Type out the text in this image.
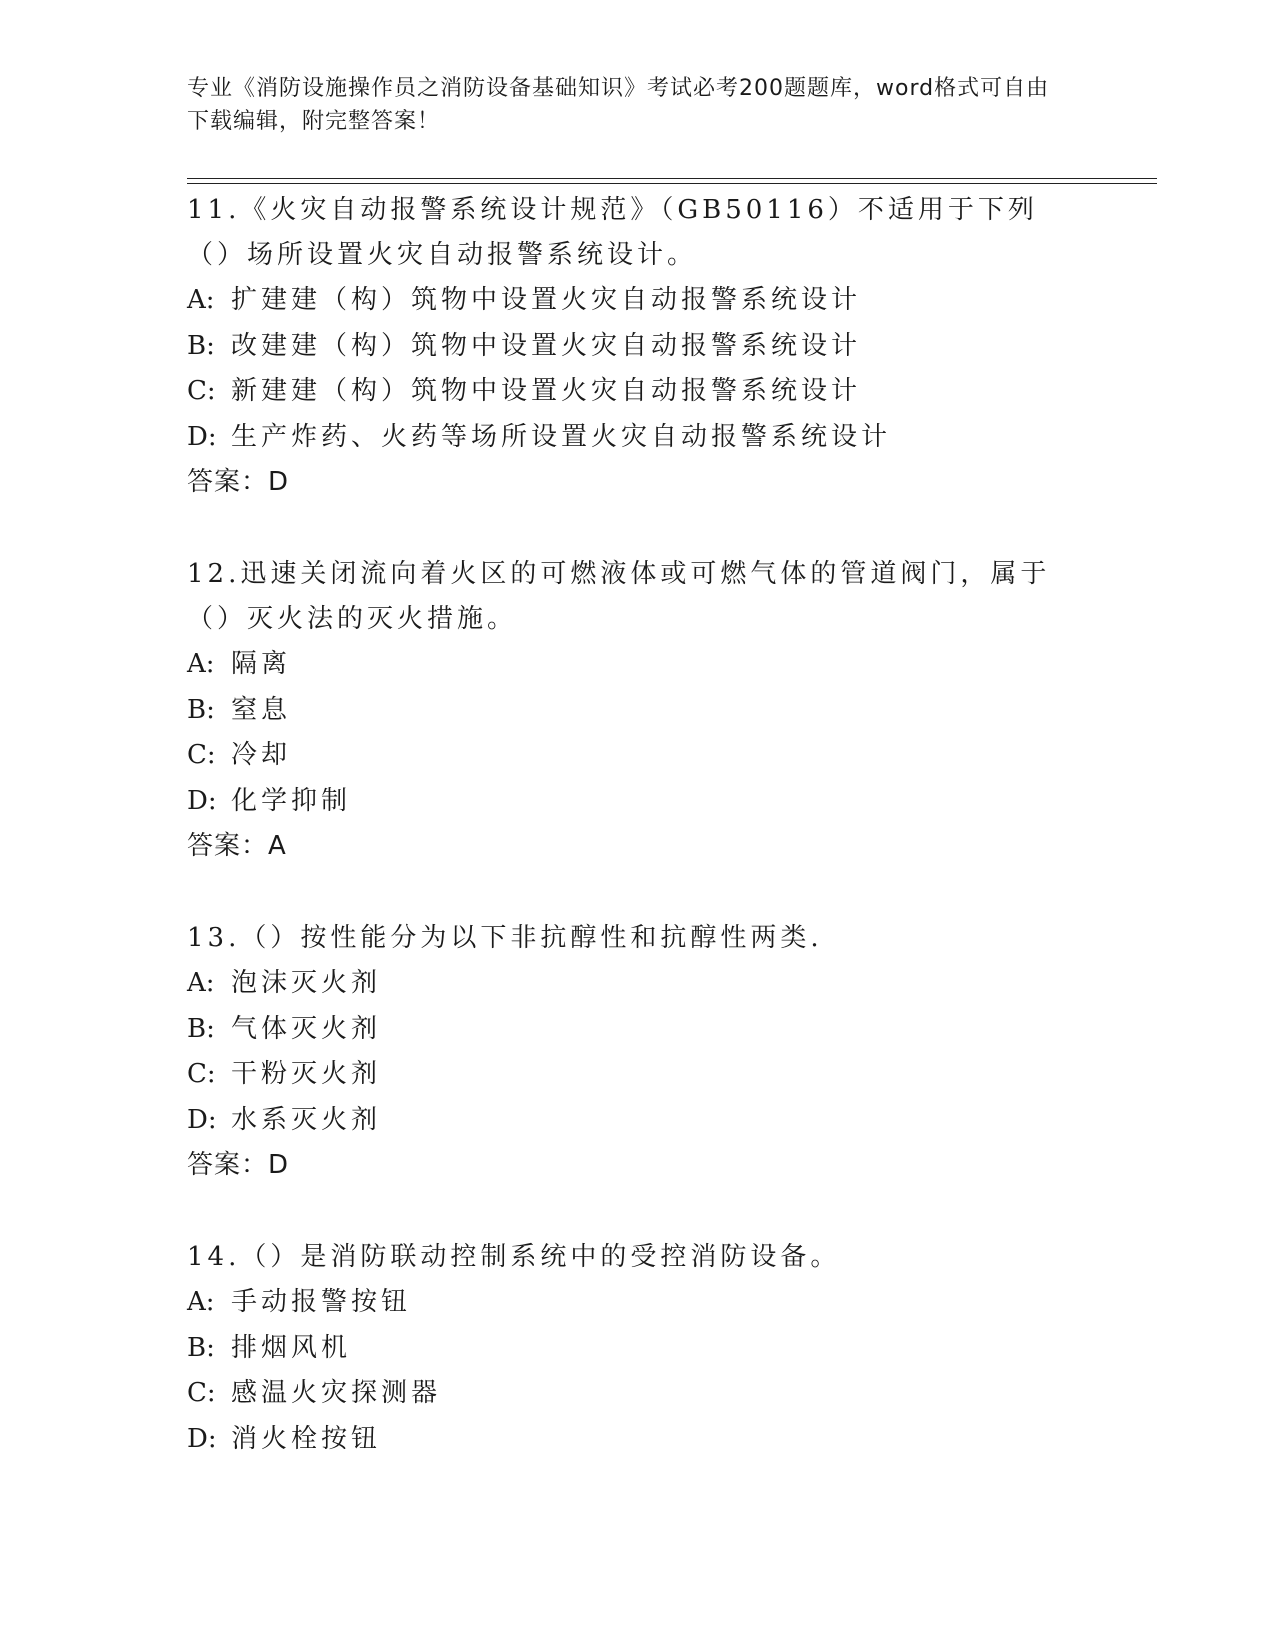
专业《消防设施操作员之消防设备基础知识》考试必考200题题库，word格式可自由下载编辑，附完整答案！
11.《火灾自动报警系统设计规范》（GB50116）不适用于下列（）场所设置火灾自动报警系统设计。
A: 扩建建（构）筑物中设置火灾自动报警系统设计
B: 改建建（构）筑物中设置火灾自动报警系统设计
C: 新建建（构）筑物中设置火灾自动报警系统设计
D: 生产炸药、火药等场所设置火灾自动报警系统设计
答案：D
12.迅速关闭流向着火区的可燃液体或可燃气体的管道阀门，属于（）灭火法的灭火措施。
A: 隔离
B: 窒息
C: 冷却
D: 化学抑制
答案：A
13.（）按性能分为以下非抗醇性和抗醇性两类.
A: 泡沫灭火剂
B: 气体灭火剂
C: 干粉灭火剂
D: 水系灭火剂
答案：D
14.（）是消防联动控制系统中的受控消防设备。
A: 手动报警按钮
B: 排烟风机
C: 感温火灾探测器
D: 消火栓按钮
